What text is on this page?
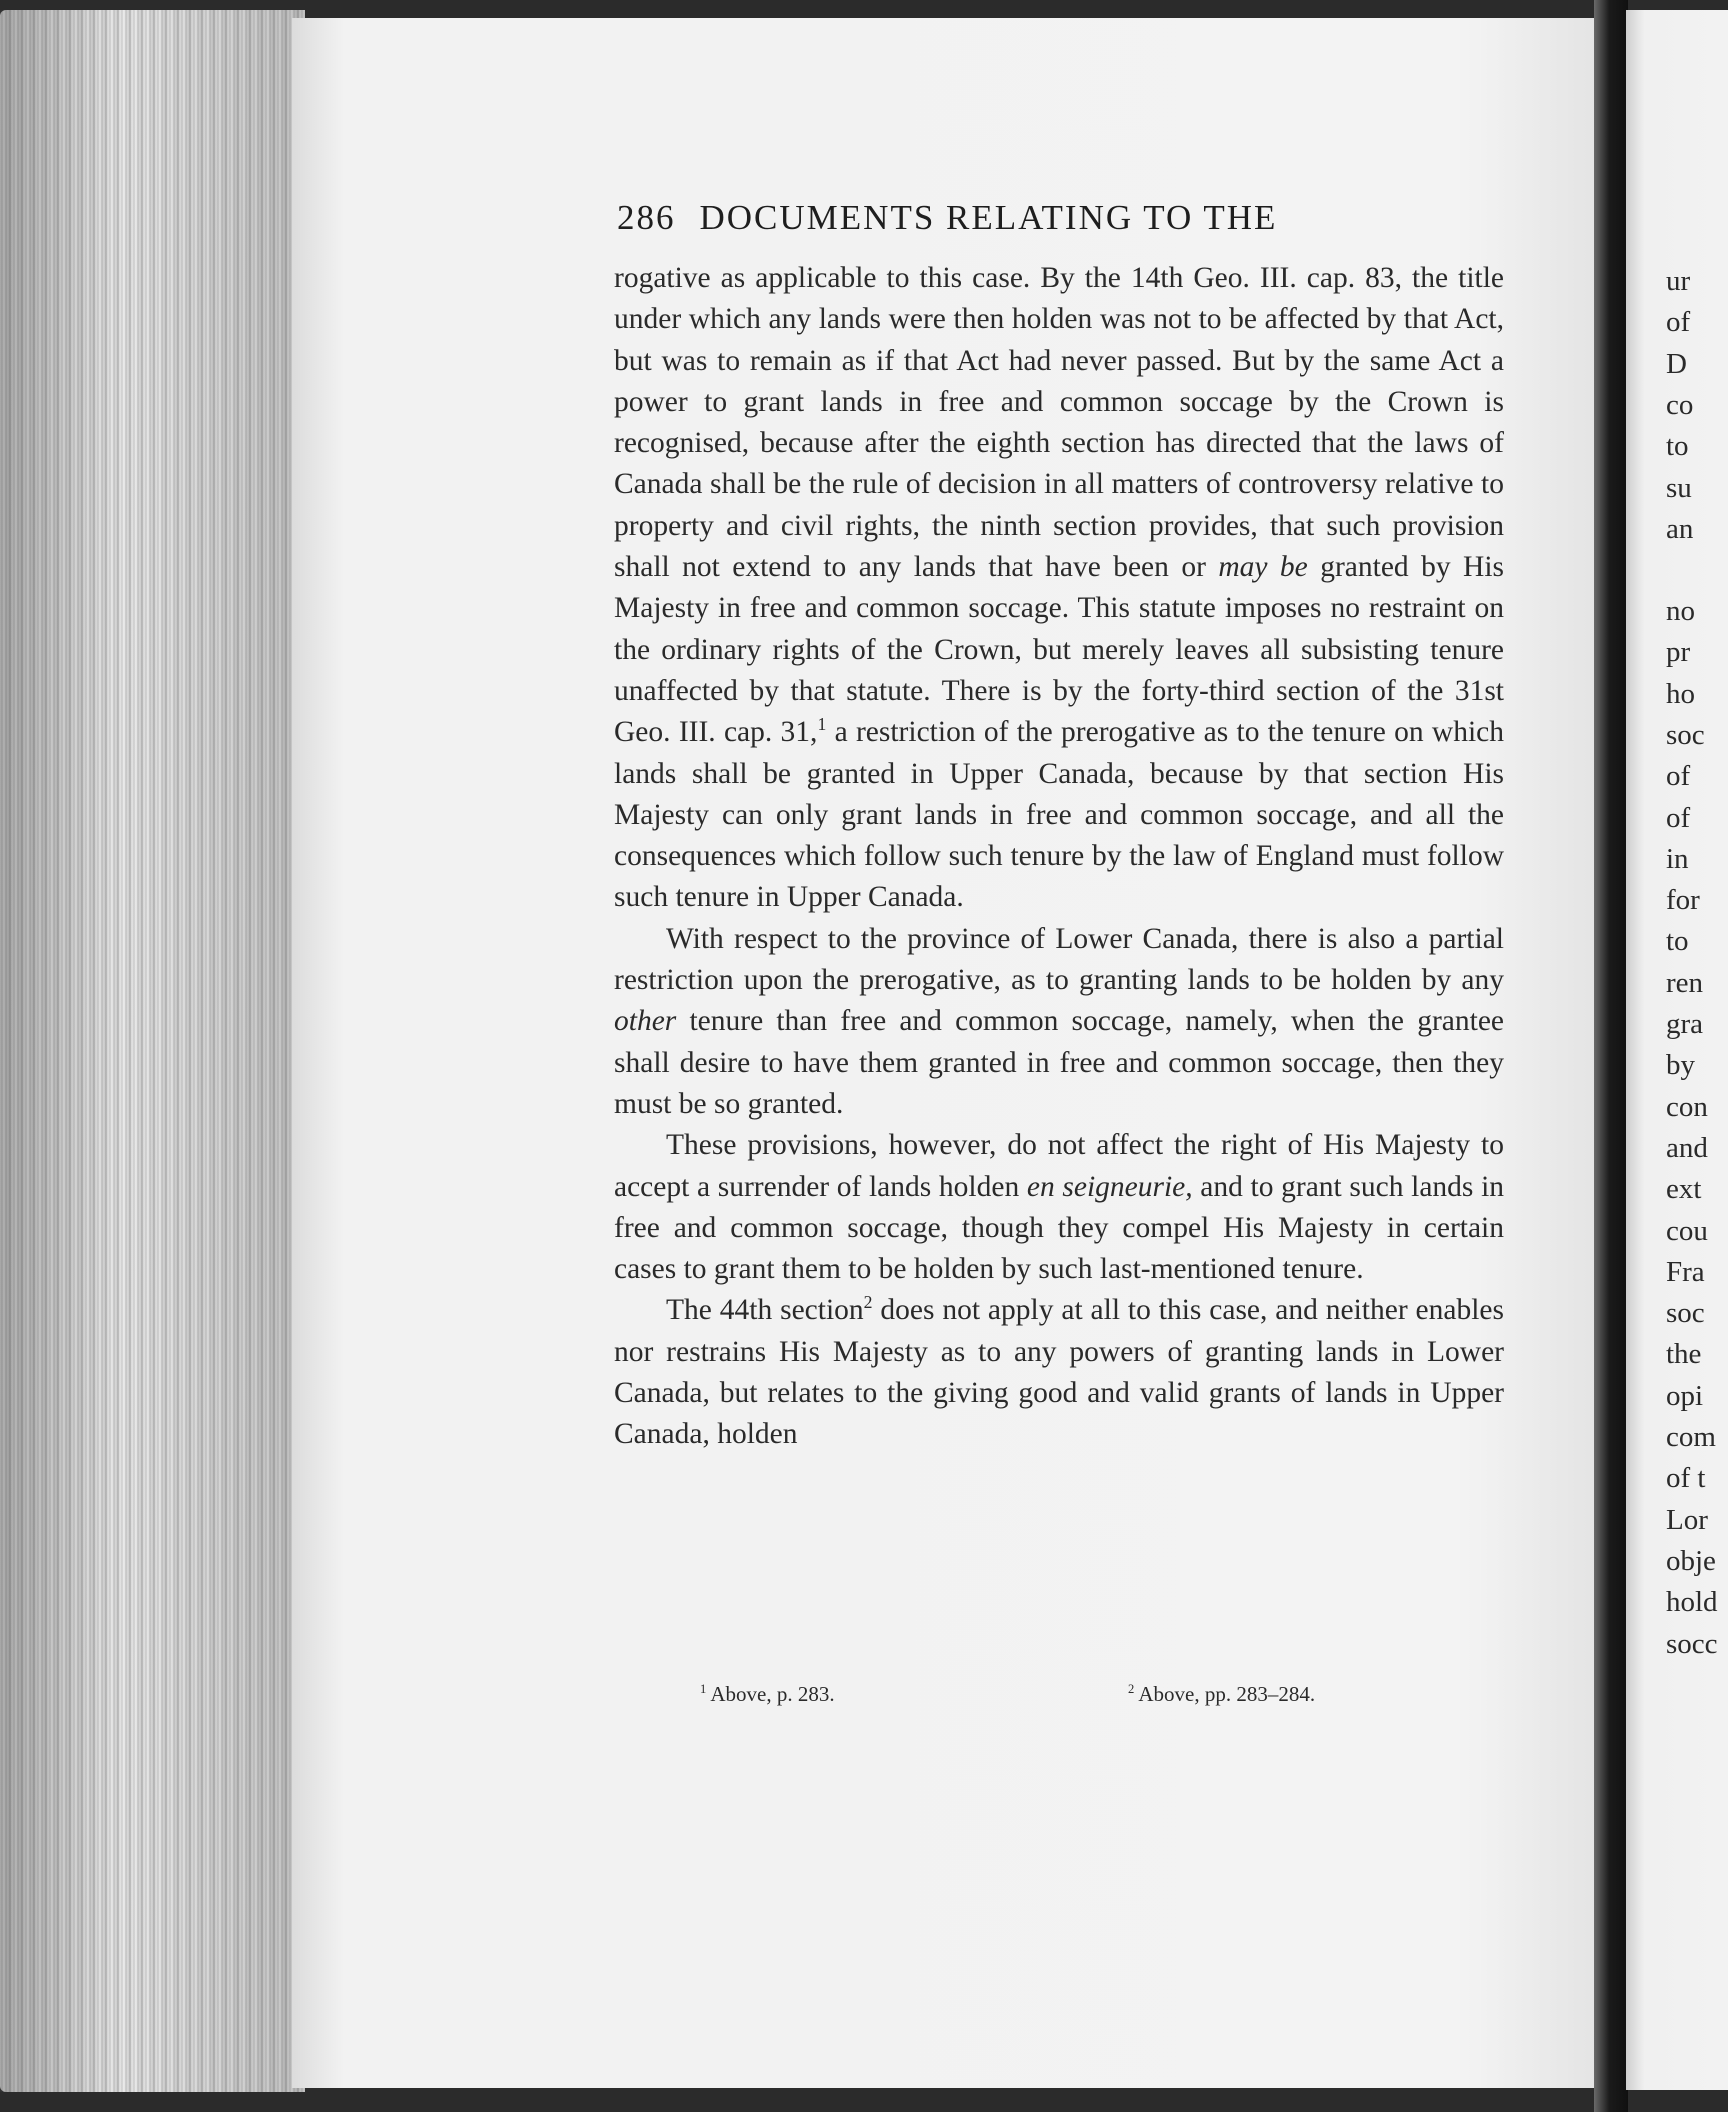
286 DOCUMENTS RELATING TO THE

rogative as applicable to this case. By the 14th Geo. III. cap. 83, the title under which any lands were then holden was not to be affected by that Act, but was to remain as if that Act had never passed. But by the same Act a power to grant lands in free and common soccage by the Crown is recognised, because after the eighth section has directed that the laws of Canada shall be the rule of decision in all matters of controversy relative to property and civil rights, the ninth section provides, that such provision shall not extend to any lands that have been or may be granted by His Majesty in free and common soccage. This statute imposes no restraint on the ordinary rights of the Crown, but merely leaves all subsisting tenure unaffected by that statute. There is by the forty-third section of the 31st Geo. III. cap. 31,$^1$ a restriction of the prerogative as to the tenure on which lands shall be granted in Upper Canada, because by that section His Majesty can only grant lands in free and common soccage, and all the consequences which follow such tenure by the law of England must follow such tenure in Upper Canada.

With respect to the province of Lower Canada, there is also a partial restriction upon the prerogative, as to granting lands to be holden by any other tenure than free and common soccage, namely, when the grantee shall desire to have them granted in free and common soccage, then they must be so granted.

These provisions, however, do not affect the right of His Majesty to accept a surrender of lands holden en seigneurie, and to grant such lands in free and common soccage, though they compel His Majesty in certain cases to grant them to be holden by such last-mentioned tenure.

The 44th section$^2$ does not apply at all to this case, and neither enables nor restrains His Majesty as to any powers of granting lands in Lower Canada, but relates to the giving good and valid grants of lands in Upper Canada, holden

$^1$ Above, p. 283.	$^2$ Above, pp. 283–284.
ur
of
D
co
to
su
an
no
pr
ho
soc
of
of
in
for
to
ren
gra
by
con
and
ext
cou
Fra
soc
the
opi
com
of t
Lor
obje
hold
socc
